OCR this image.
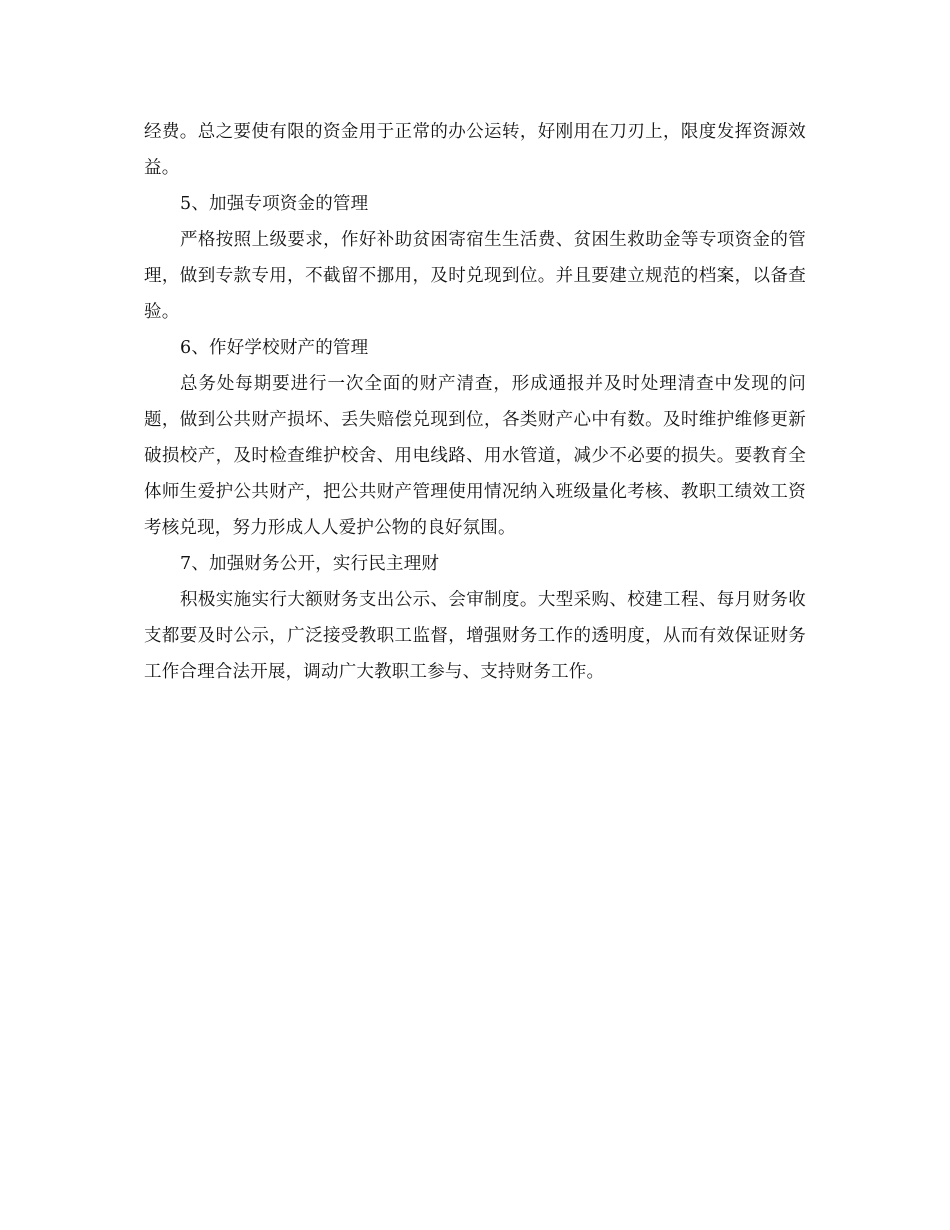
经费。总之要使有限的资金用于正常的办公运转，好刚用在刀刃上，限度发挥资源效益。

5、加强专项资金的管理

严格按照上级要求，作好补助贫困寄宿生生活费、贫困生救助金等专项资金的管理，做到专款专用，不截留不挪用，及时兑现到位。并且要建立规范的档案，以备查验。

6、作好学校财产的管理

总务处每期要进行一次全面的财产清查，形成通报并及时处理清查中发现的问题，做到公共财产损坏、丢失赔偿兑现到位，各类财产心中有数。及时维护维修更新破损校产，及时检查维护校舍、用电线路、用水管道，减少不必要的损失。要教育全体师生爱护公共财产，把公共财产管理使用情况纳入班级量化考核、教职工绩效工资考核兑现，努力形成人人爱护公物的良好氛围。

7、加强财务公开，实行民主理财

积极实施实行大额财务支出公示、会审制度。大型采购、校建工程、每月财务收支都要及时公示，广泛接受教职工监督，增强财务工作的透明度，从而有效保证财务工作合理合法开展，调动广大教职工参与、支持财务工作。
